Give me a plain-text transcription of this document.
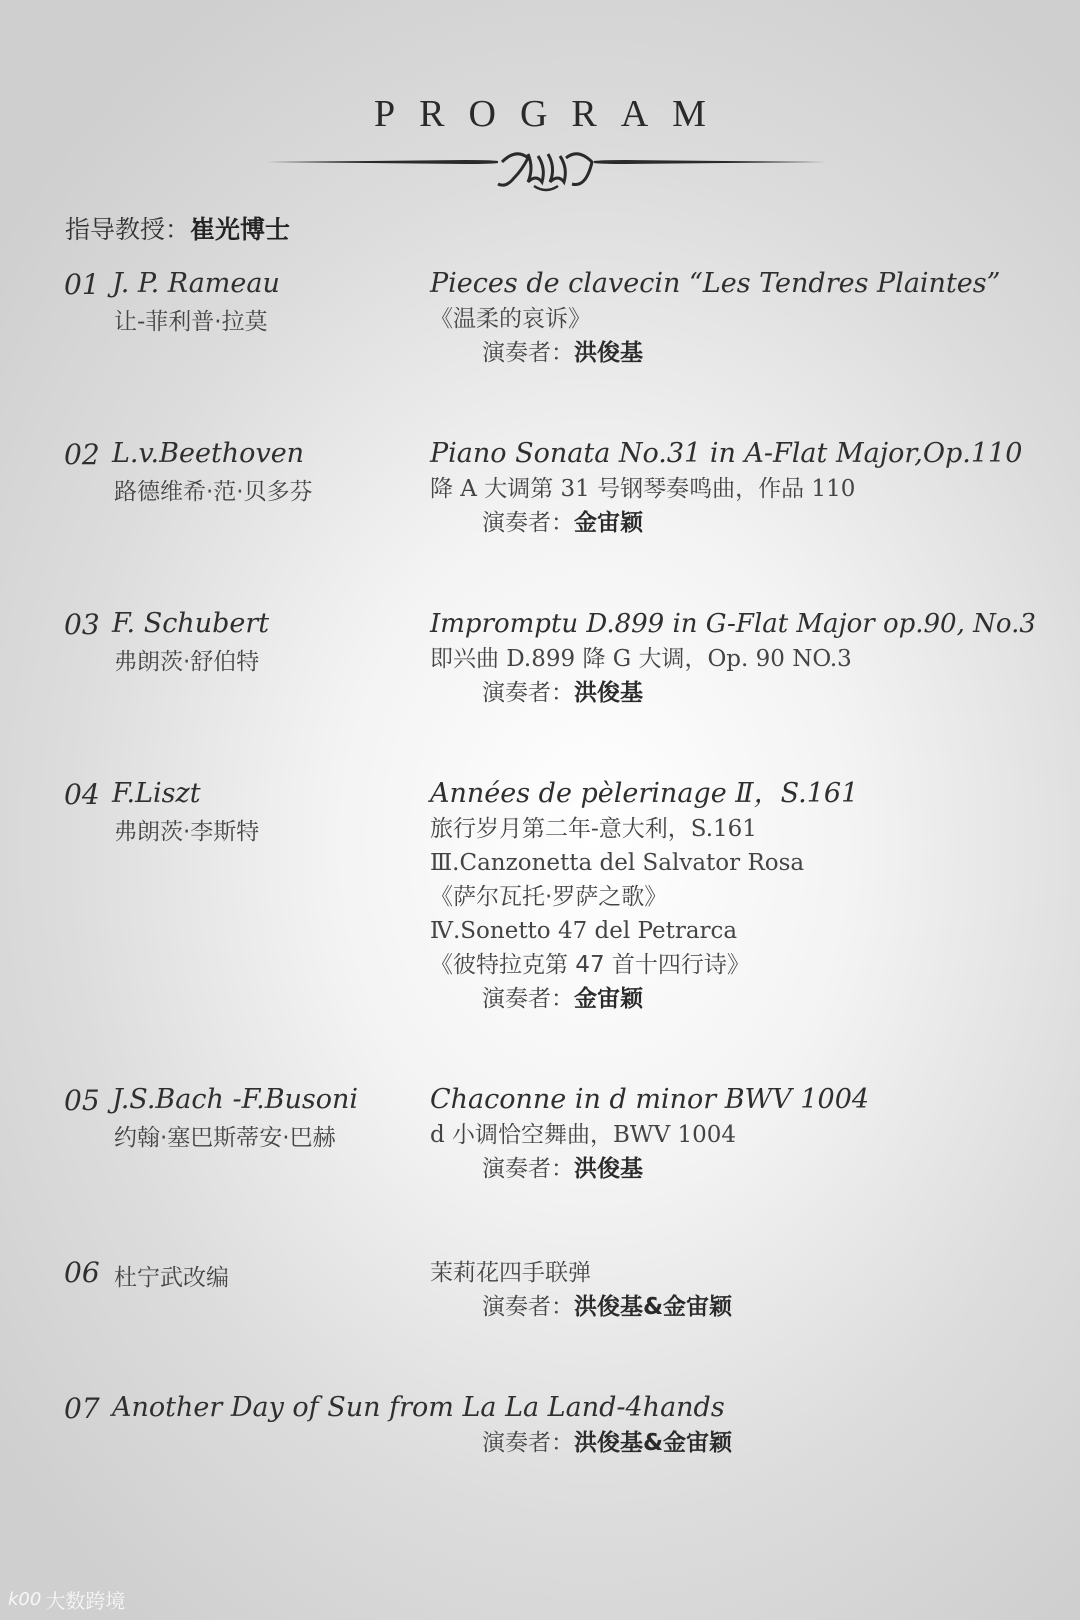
PROGRAM
指导教授：崔光博士
01 J. P. Rameau
让-菲利普·拉莫
Pieces de clavecin “Les Tendres Plaintes”
《温柔的哀诉》
演奏者：洪俊基
02 L.v.Beethoven
路德维希·范·贝多芬
Piano Sonata No.31 in A-Flat Major,Op.110
降 A 大调第 31 号钢琴奏鸣曲，作品 110
演奏者：金宙颖
03 F. Schubert
弗朗茨·舒伯特
Impromptu D.899 in G-Flat Major op.90, No.3
即兴曲 D.899 降 G 大调，Op. 90 NO.3
演奏者：洪俊基
04 F.Liszt
弗朗茨·李斯特
Années de pèlerinage Ⅱ，S.161
旅行岁月第二年-意大利，S.161
Ⅲ.Canzonetta del Salvator Rosa
《萨尔瓦托·罗萨之歌》
Ⅳ.Sonetto 47 del Petrarca
《彼特拉克第 47 首十四行诗》
演奏者：金宙颖
05 J.S.Bach -F.Busoni
约翰·塞巴斯蒂安·巴赫
Chaconne in d minor BWV 1004
d 小调恰空舞曲，BWV 1004
演奏者：洪俊基
06 杜宁武改编	茉莉花四手联弹
演奏者：洪俊基&金宙颖
07 Another Day of Sun from La La Land-4hands
演奏者：洪俊基&金宙颖
k00 大数跨境
